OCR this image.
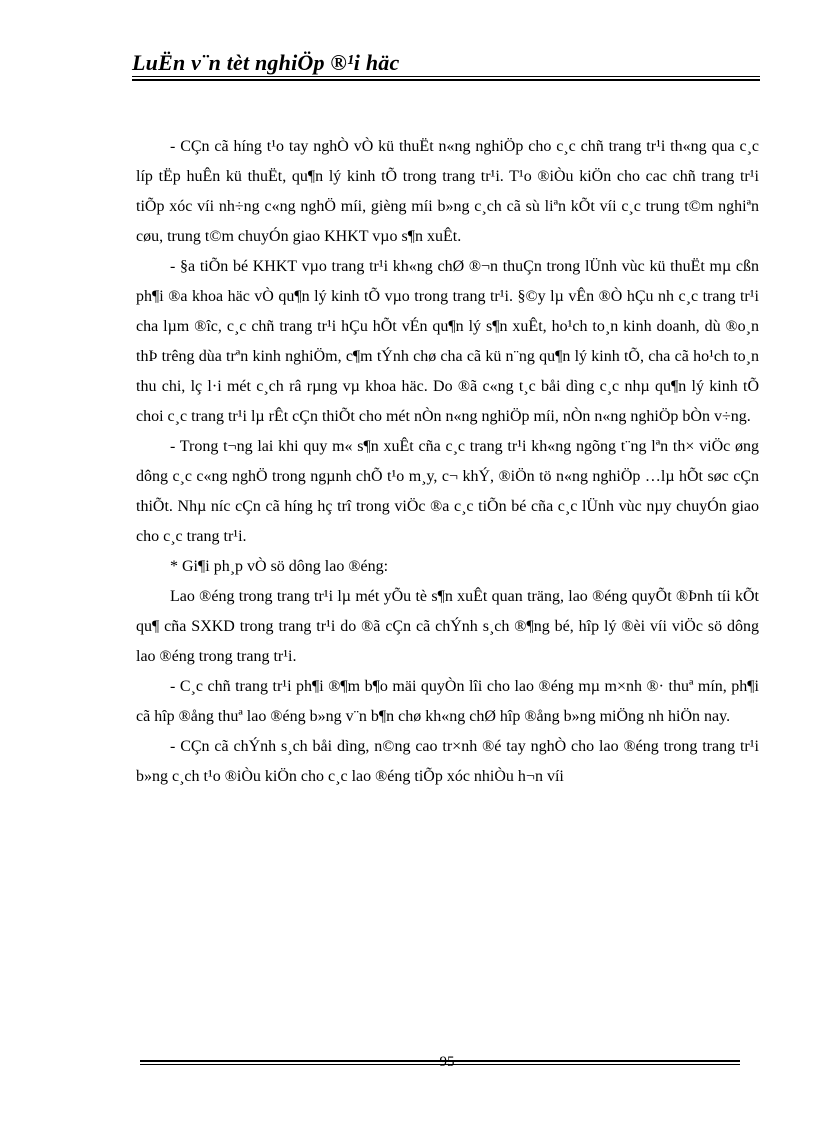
LuËn v¨n tèt nghiÖp ®¹i häc

- CÇn cã híng t¹o tay nghÒ vÒ kü thuËt n«ng nghiÖp cho c¸c chñ trang tr¹i th«ng qua c¸c líp tËp huÊn kü thuËt, qu¶n lý kinh tÕ trong trang tr¹i. T¹o ®iÒu kiÖn cho cac chñ trang tr¹i tiÕp xóc víi nh÷ng c«ng nghÖ míi, gièng míi b»ng c¸ch cã sù liªn kÕt víi c¸c trung t©m nghiªn cøu, trung t©m chuyÓn giao KHKT vµo s¶n xuÊt.

- §a tiÕn bé KHKT vµo trang tr¹i kh«ng chØ ®¬n thuÇn trong lÜnh vùc kü thuËt mµ cßn ph¶i ®a khoa häc vÒ qu¶n lý kinh tÕ vµo trong trang tr¹i. §©y lµ vÊn ®Ò hÇu nh c¸c trang tr¹i cha lµm ®îc, c¸c chñ trang tr¹i hÇu hÕt vÉn qu¶n lý s¶n xuÊt, ho¹ch to¸n kinh doanh, dù ®o¸n thÞ trêng dùa trªn kinh nghiÖm, c¶m tÝnh chø cha cã kü n¨ng qu¶n lý kinh tÕ, cha cã ho¹ch to¸n thu chi, lç l·i mét c¸ch râ rµng vµ khoa häc. Do ®ã c«ng t¸c båi dìng c¸c nhµ qu¶n lý kinh tÕ choi c¸c trang tr¹i lµ rÊt cÇn thiÕt cho mét nÒn n«ng nghiÖp míi, nÒn n«ng nghiÖp bÒn v÷ng.

- Trong t¬ng lai khi quy m« s¶n xuÊt cña c¸c trang tr¹i kh«ng ngõng t¨ng lªn th× viÖc øng dông c¸c c«ng nghÖ trong ngµnh chÕ t¹o m¸y, c¬ khÝ, ®iÖn tö n«ng nghiÖp …lµ hÕt søc cÇn thiÕt. Nhµ níc cÇn cã híng hç trî trong viÖc ®a c¸c tiÕn bé cña c¸c lÜnh vùc nµy chuyÓn giao cho c¸c trang tr¹i.

* Gi¶i ph¸p vÒ sö dông lao ®éng:

Lao ®éng trong trang tr¹i lµ mét yÕu tè s¶n xuÊt quan träng, lao ®éng quyÕt ®Þnh tíi kÕt qu¶ cña SXKD trong trang tr¹i do ®ã cÇn cã chÝnh s¸ch ®¶ng bé, hîp lý ®èi víi viÖc sö dông lao ®éng trong trang tr¹i.

- C¸c chñ trang tr¹i ph¶i ®¶m b¶o mäi quyÒn lîi cho lao ®éng mµ m×nh ®· thuª mín, ph¶i cã hîp ®ång thuª lao ®éng b»ng v¨n b¶n chø kh«ng chØ hîp ®ång b»ng miÖng nh hiÖn nay.

- CÇn cã chÝnh s¸ch båi dìng, n©ng cao tr×nh ®é tay nghÒ cho lao ®éng trong trang tr¹i b»ng c¸ch t¹o ®iÒu kiÖn cho c¸c lao ®éng tiÕp xóc nhiÒu h¬n víi

95
